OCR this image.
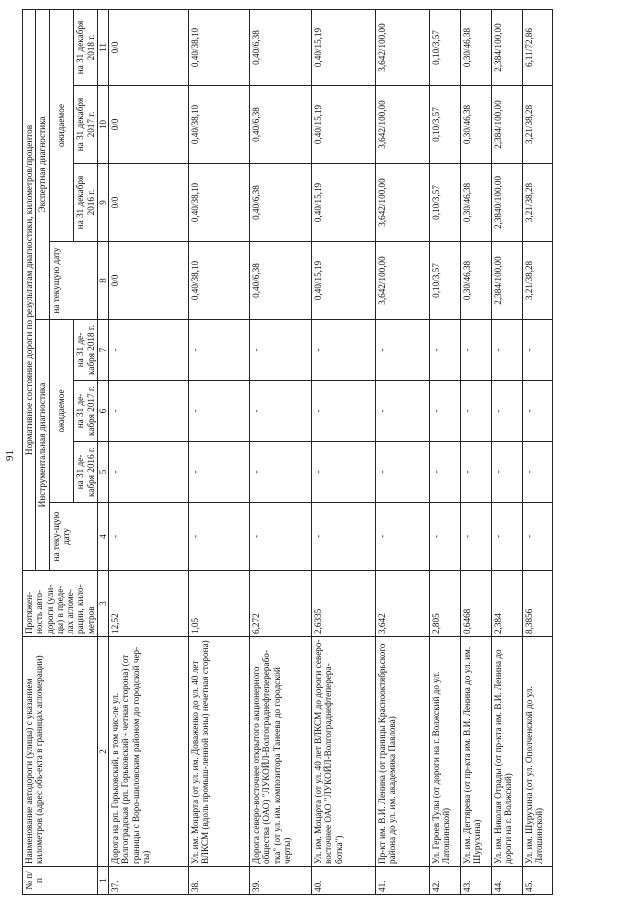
91
№ п/п	Наименование автодороги (улицы) с указанием километров (адрес объ-екта в границах агломерации)	Протяжен-ность авто-дороги (ули-цы) в преде-лах агломе-рации, кило-метров	Нормативное состояние дороги по результатам диагностики, километров/процентов							
			Инструментальная диагностика				Экспертная диагностика			
			на теку-щую дату	ожидаемое			на текущую дату	ожидаемое		
				на 31 де-кабря 2016 г.	на 31 де-кабря 2017 г.	на 31 де-кабря 2018 г.		на 31 декабря 2016 г.	на 31 декабря 2017 г.	на 31 декабря 2018 г.
1	2	3	4	5	6	7	8	9	10	11
37.	Дорога на рп. Горьковский, в том чис-ле ул. Волгоградская (рп. Горьковский - четная сторона) (от границы с Воро-шиловским районом до городской чер-ты)	12,52	-	-	-	-	0/0	0/0	0/0	0/0
38.	Ул. им. Моцарта (от ул. им. Доваженко до ул. 40 лет ВЛКСМ (вдоль промыш-ленной зоны) нечетная сторона)	1,05	-	-	-	-	0,40/38,10	0,40/38,10	0,40/38,10	0,40/38,10
39.	Дорога северо-восточнее открытого акционерного общества (ОАО) "ЛУКОЙЛ-Волгограднефтеперерабо-тка" (от ул. им. композитора Танеева до городской черты)	6,272	-	-	-	-	0,40/6,38	0,40/6,38	0,40/6,38	0,40/6,38
40.	Ул. им. Моцарта (от ул. 40 лет ВЛКСМ до дороги северо-восточнее ОАО "ЛУКОЙЛ-Волгограднефтеперера-ботка")	2,6335	-	-	-	-	0,40/15,19	0,40/15,19	0,40/15,19	0,40/15,19
41.	Пр-кт им. В.И. Ленина (от границы Краснооктябрьского района до ул. им. академика Павлова)	3,642	-	-	-	-	3,642/100,00	3,642/100,00	3,642/100,00	3,642/100,00
42.	Ул. Героев Тулы (от дороги на г. Волжский до ул. Латошинской)	2,805	-	-	-	-	0,10/3,57	0,10/3,57	0,10/3,57	0,10/3,57
43.	Ул. им. Дегтярева (от пр-кта им. В.И. Ленина до ул. им. Шурухина)	0,6468	-	-	-	-	0,30/46,38	0,30/46,38	0,30/46,38	0,30/46,38
44.	Ул. им. Николая Отрады (от пр-кта им. В.И. Ленина до дороги на г. Волжский)	2,384	-	-	-	-	2,384/100,00	2,3840/100,00	2,384/100,00	2,384/100,00
45.	Ул. им. Шурухина (от ул. Ополченской до ул. Латошинской)	8,3856	-	-	-	-	3,21/38,28	3,21/38,28	3,21/38,28	6,11/72,86
